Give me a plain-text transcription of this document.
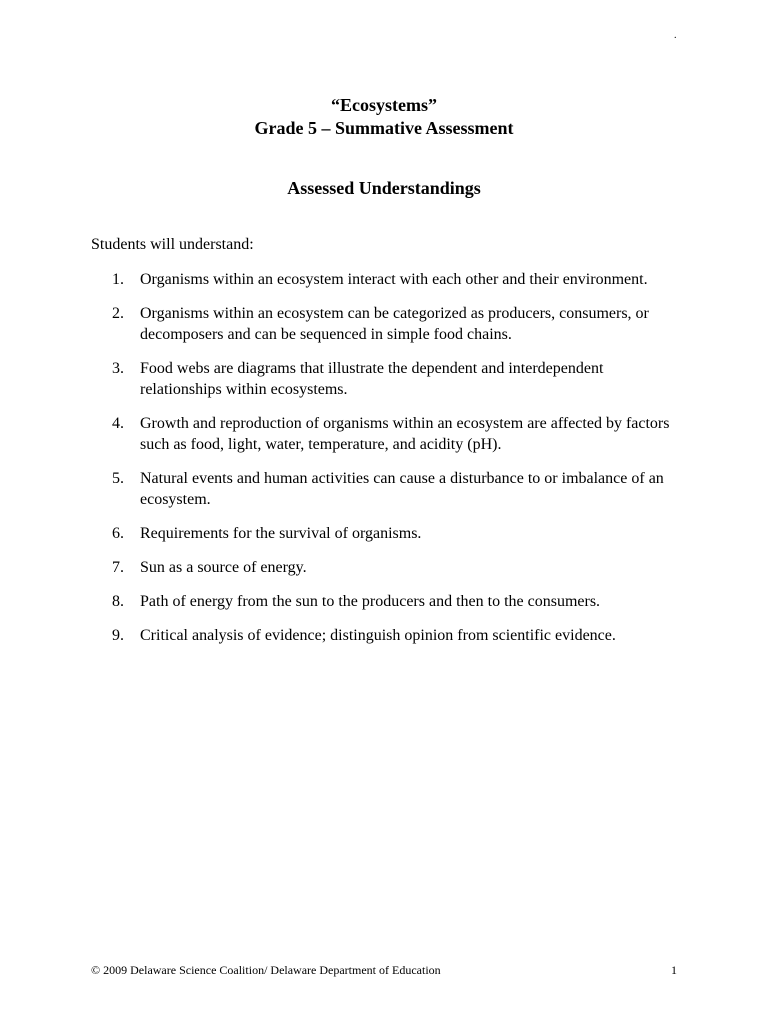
.
“Ecosystems”
Grade 5 – Summative Assessment
Assessed Understandings
Students will understand:
1. Organisms within an ecosystem interact with each other and their environment.
2. Organisms within an ecosystem can be categorized as producers, consumers, or decomposers and can be sequenced in simple food chains.
3. Food webs are diagrams that illustrate the dependent and interdependent relationships within ecosystems.
4. Growth and reproduction of organisms within an ecosystem are affected by factors such as food, light, water, temperature, and acidity (pH).
5. Natural events and human activities can cause a disturbance to or imbalance of an ecosystem.
6. Requirements for the survival of organisms.
7. Sun as a source of energy.
8. Path of energy from the sun to the producers and then to the consumers.
9. Critical analysis of evidence; distinguish opinion from scientific evidence.
© 2009 Delaware Science Coalition/ Delaware Department of Education	1
